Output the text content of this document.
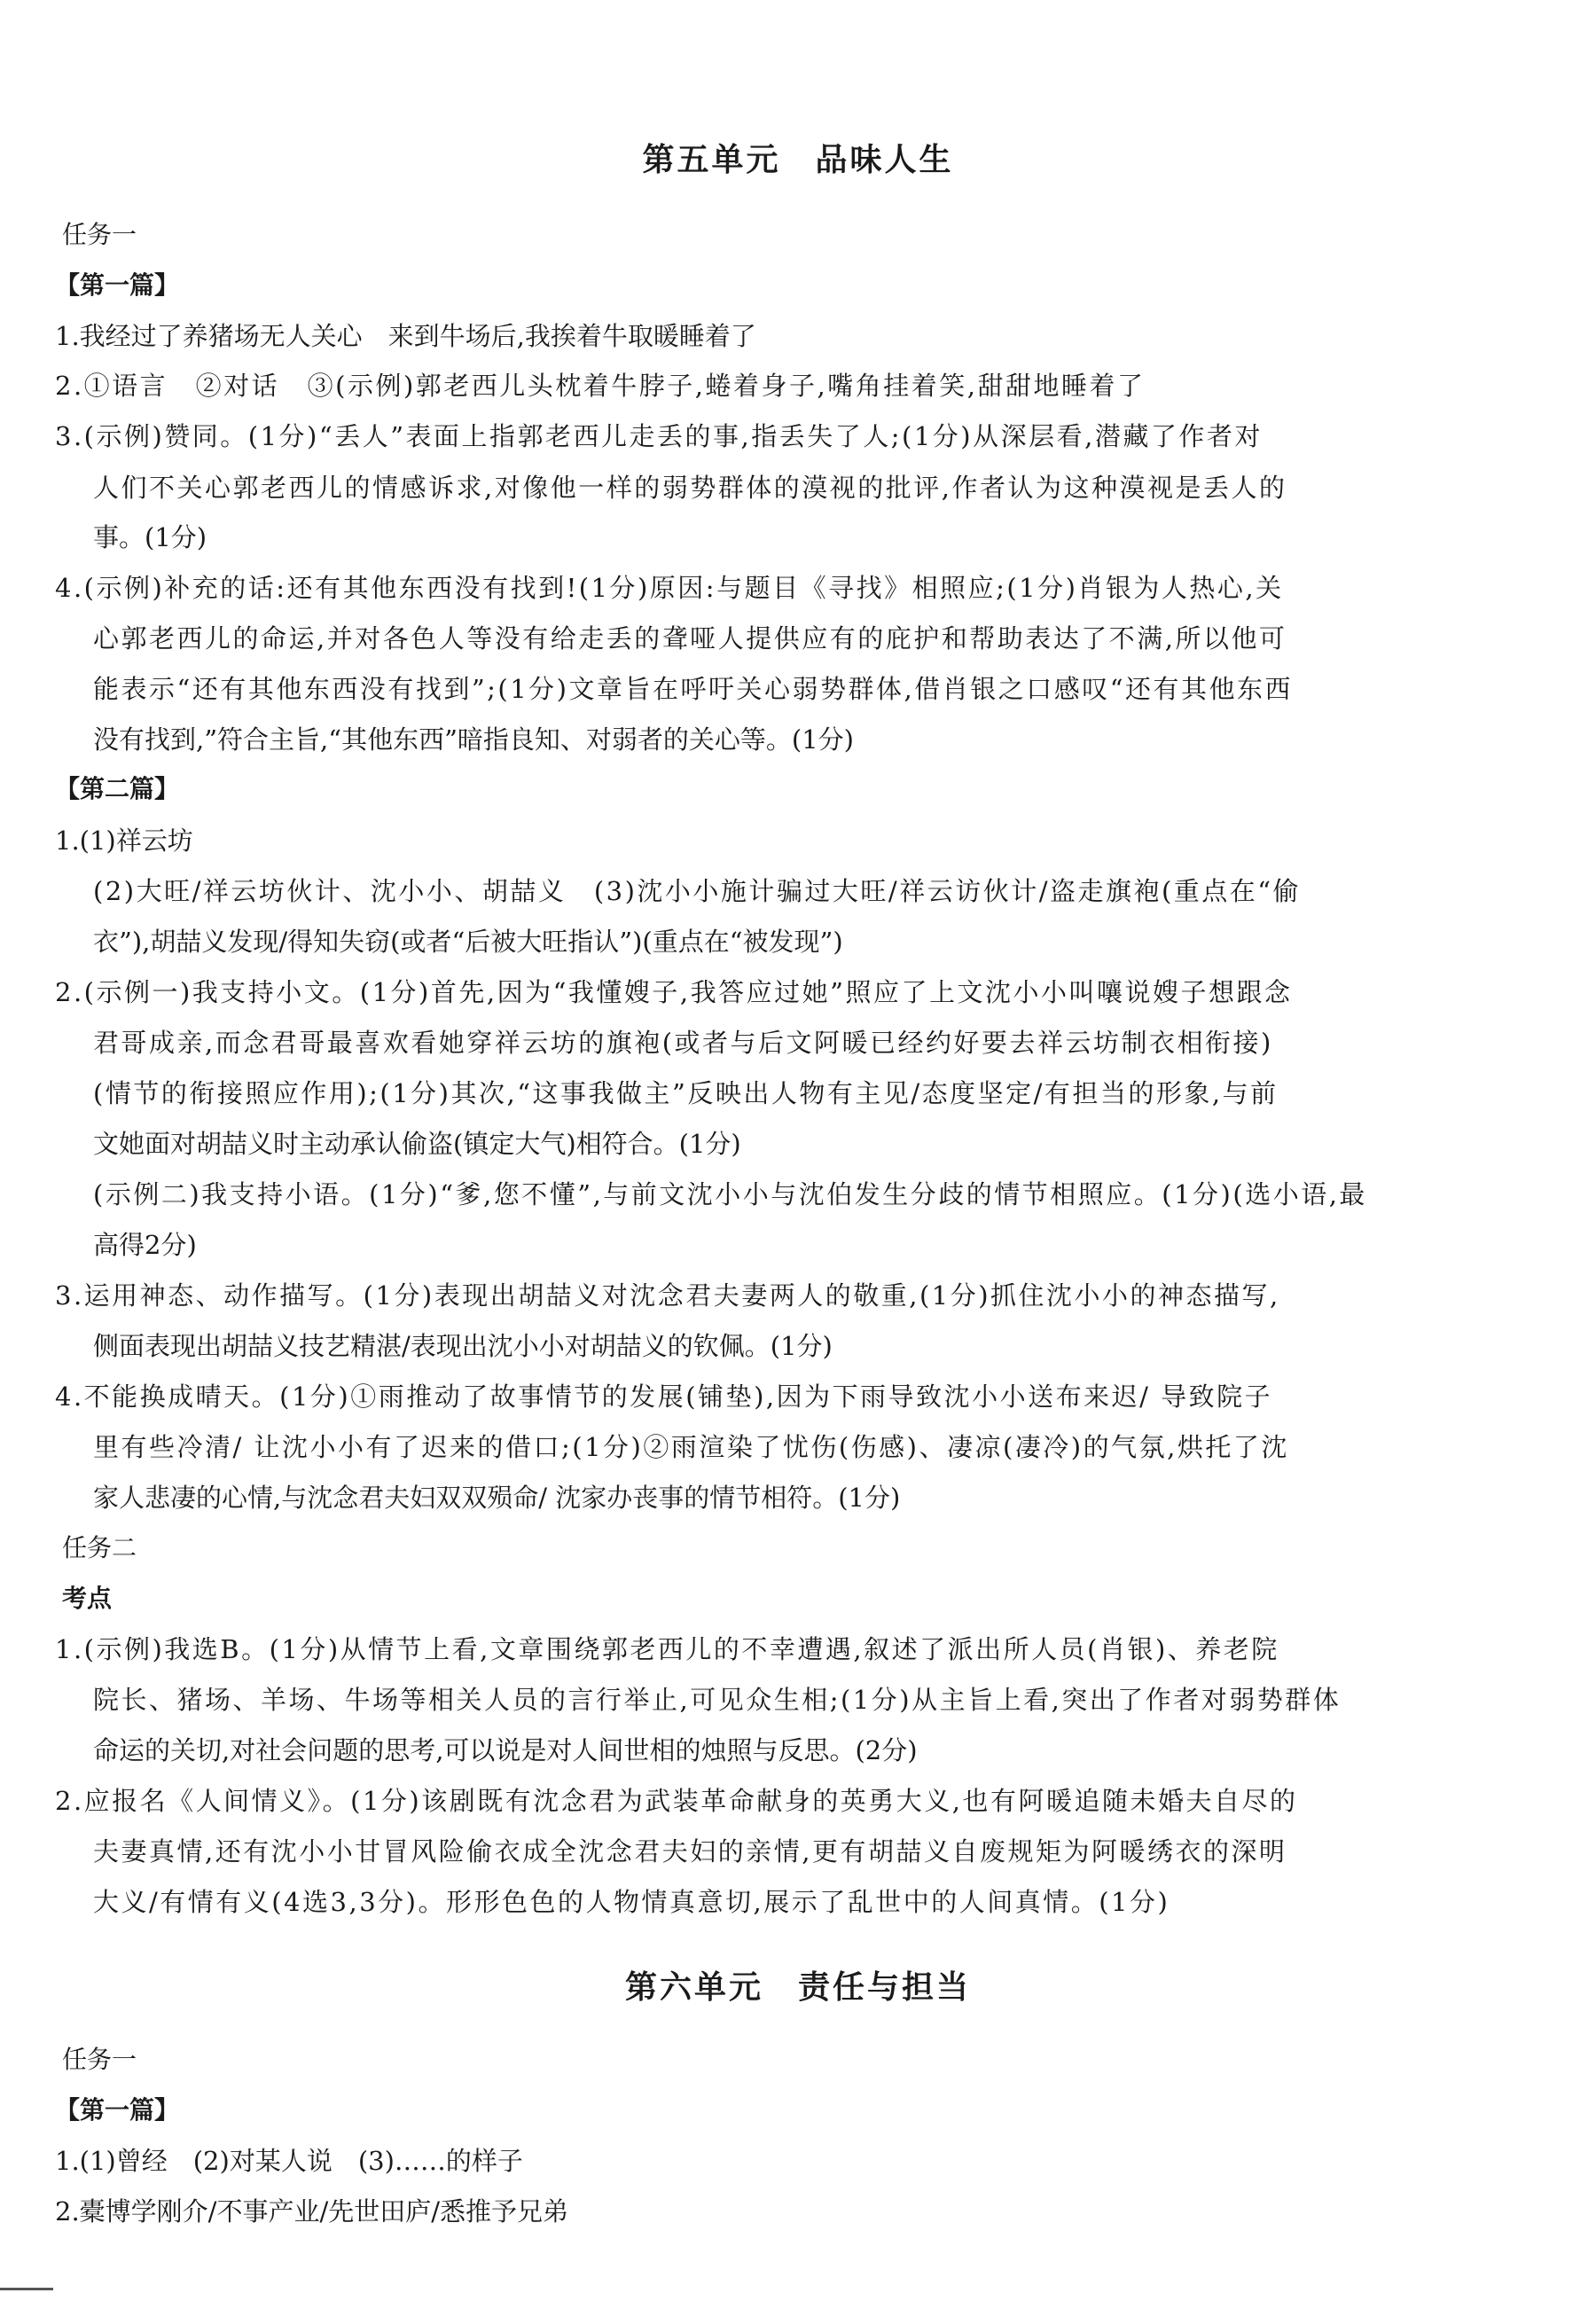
第五单元　品味人生
任务一
【第一篇】
1.我经过了养猪场无人关心　来到牛场后,我挨着牛取暖睡着了
2.①语言　②对话　③(示例)郭老西儿头枕着牛脖子,蜷着身子,嘴角挂着笑,甜甜地睡着了
3.(示例)赞同。(1分)“丢人”表面上指郭老西儿走丢的事,指丢失了人;(1分)从深层看,潜藏了作者对
人们不关心郭老西儿的情感诉求,对像他一样的弱势群体的漠视的批评,作者认为这种漠视是丢人的
事。(1分)
4.(示例)补充的话:还有其他东西没有找到!(1分)原因:与题目《寻找》相照应;(1分)肖银为人热心,关
心郭老西儿的命运,并对各色人等没有给走丢的聋哑人提供应有的庇护和帮助表达了不满,所以他可
能表示“还有其他东西没有找到”;(1分)文章旨在呼吁关心弱势群体,借肖银之口感叹“还有其他东西
没有找到,”符合主旨,“其他东西”暗指良知、对弱者的关心等。(1分)
【第二篇】
1.(1)祥云坊
(2)大旺/祥云坊伙计、沈小小、胡喆义　(3)沈小小施计骗过大旺/祥云访伙计/盗走旗袍(重点在“偷
衣”),胡喆义发现/得知失窃(或者“后被大旺指认”)(重点在“被发现”)
2.(示例一)我支持小文。(1分)首先,因为“我懂嫂子,我答应过她”照应了上文沈小小叫嚷说嫂子想跟念
君哥成亲,而念君哥最喜欢看她穿祥云坊的旗袍(或者与后文阿暖已经约好要去祥云坊制衣相衔接)
(情节的衔接照应作用);(1分)其次,“这事我做主”反映出人物有主见/态度坚定/有担当的形象,与前
文她面对胡喆义时主动承认偷盗(镇定大气)相符合。(1分)
(示例二)我支持小语。(1分)“爹,您不懂”,与前文沈小小与沈伯发生分歧的情节相照应。(1分)(选小语,最
高得2分)
3.运用神态、动作描写。(1分)表现出胡喆义对沈念君夫妻两人的敬重,(1分)抓住沈小小的神态描写,
侧面表现出胡喆义技艺精湛/表现出沈小小对胡喆义的钦佩。(1分)
4.不能换成晴天。(1分)①雨推动了故事情节的发展(铺垫),因为下雨导致沈小小送布来迟/ 导致院子
里有些冷清/ 让沈小小有了迟来的借口;(1分)②雨渲染了忧伤(伤感)、凄凉(凄冷)的气氛,烘托了沈
家人悲凄的心情,与沈念君夫妇双双殒命/ 沈家办丧事的情节相符。(1分)
任务二
考点
1.(示例)我选B。(1分)从情节上看,文章围绕郭老西儿的不幸遭遇,叙述了派出所人员(肖银)、养老院
院长、猪场、羊场、牛场等相关人员的言行举止,可见众生相;(1分)从主旨上看,突出了作者对弱势群体
命运的关切,对社会问题的思考,可以说是对人间世相的烛照与反思。(2分)
2.应报名《人间情义》。(1分)该剧既有沈念君为武装革命献身的英勇大义,也有阿暖追随未婚夫自尽的
夫妻真情,还有沈小小甘冒风险偷衣成全沈念君夫妇的亲情,更有胡喆义自废规矩为阿暖绣衣的深明
大义/有情有义(4选3,3分)。形形色色的人物情真意切,展示了乱世中的人间真情。(1分)
第六单元　责任与担当
任务一
【第一篇】
1.(1)曾经　(2)对某人说　(3)……的样子
2.橐博学刚介/不事产业/先世田庐/悉推予兄弟
